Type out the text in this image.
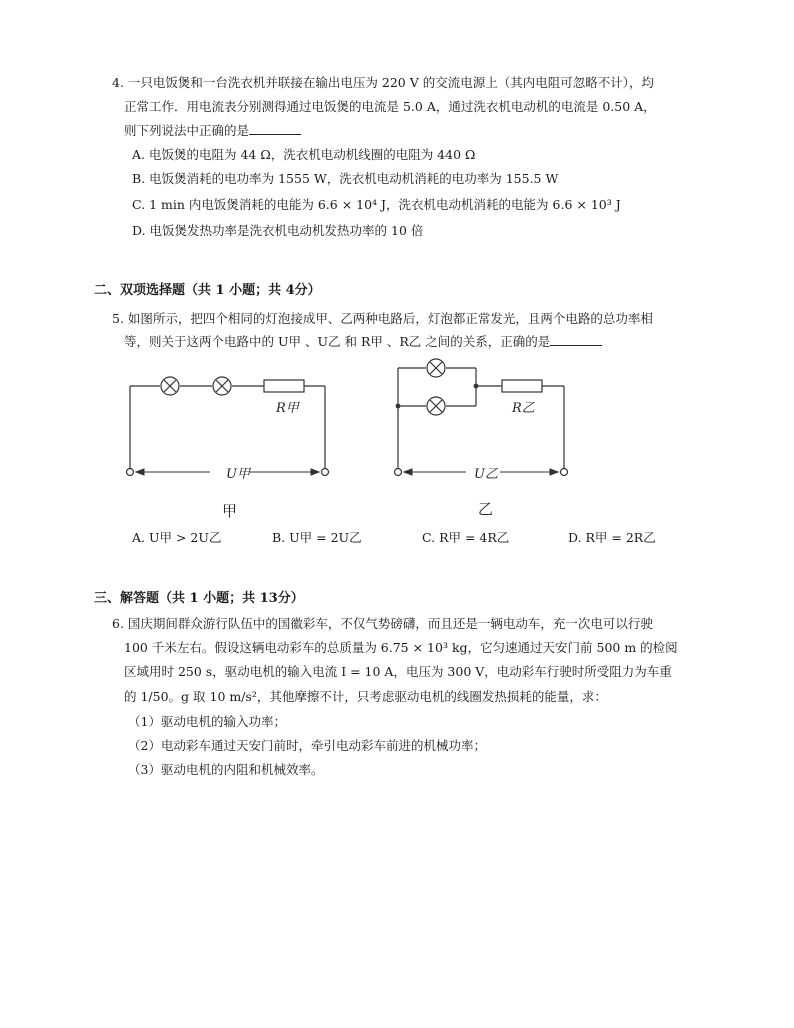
4. 一只电饭煲和一台洗衣机并联接在输出电压为 220 V 的交流电源上（其内电阻可忽略不计），均
正常工作．用电流表分别测得通过电饭煲的电流是 5.0 A，通过洗衣机电动机的电流是 0.50 A，
则下列说法中正确的是
A. 电饭煲的电阻为 44 Ω，洗衣机电动机线圈的电阻为 440 Ω
B. 电饭煲消耗的电功率为 1555 W，洗衣机电动机消耗的电功率为 155.5 W
C. 1 min 内电饭煲消耗的电能为 6.6 × 10⁴ J，洗衣机电动机消耗的电能为 6.6 × 10³ J
D. 电饭煲发热功率是洗衣机电动机发热功率的 10 倍
二、双项选择题（共 1 小题；共 4分）
5. 如图所示，把四个相同的灯泡接成甲、乙两种电路后，灯泡都正常发光，且两个电路的总功率相
等，则关于这两个电路中的 U甲 、U乙 和 R甲 、R乙 之间的关系，正确的是
R甲
U甲
甲
R乙
U乙
乙
A. U甲 > 2U乙	B. U甲 = 2U乙	C. R甲 = 4R乙	D. R甲 = 2R乙
三、解答题（共 1 小题；共 13分）
6. 国庆期间群众游行队伍中的国徽彩车，不仅气势磅礴，而且还是一辆电动车，充一次电可以行驶
100 千米左右。假设这辆电动彩车的总质量为 6.75 × 10³ kg，它匀速通过天安门前 500 m 的检阅
区域用时 250 s，驱动电机的输入电流 I = 10 A，电压为 300 V，电动彩车行驶时所受阻力为车重
的 1/50。g 取 10 m/s²，其他摩擦不计，只考虑驱动电机的线圈发热损耗的能量，求：
（1）驱动电机的输入功率；
（2）电动彩车通过天安门前时，牵引电动彩车前进的机械功率；
（3）驱动电机的内阻和机械效率。
